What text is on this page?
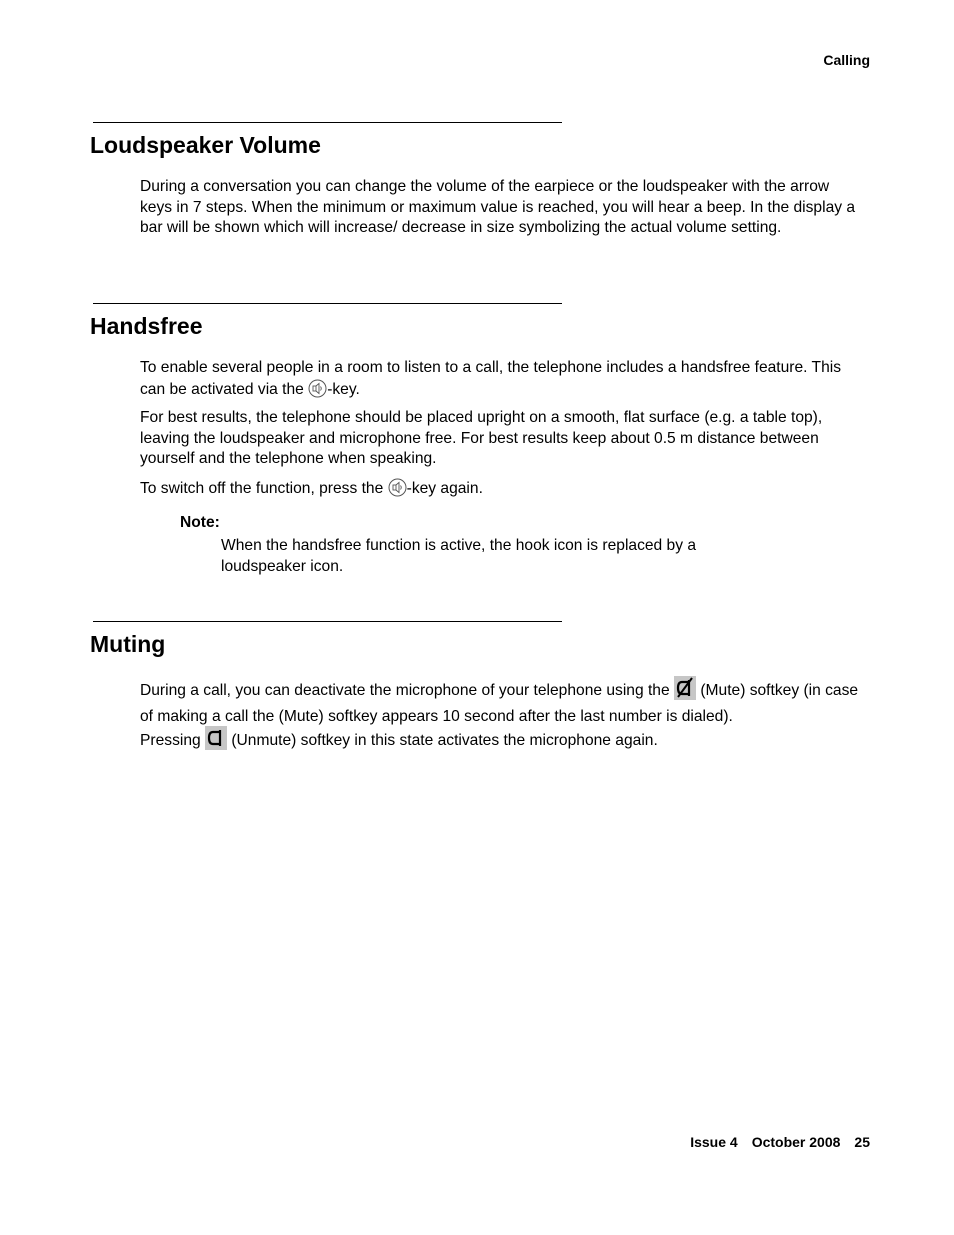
Calling
Loudspeaker Volume

During a conversation you can change the volume of the earpiece or the loudspeaker with the arrow keys in 7 steps. When the minimum or maximum value is reached, you will hear a beep. In the display a bar will be shown which will increase/ decrease in size symbolizing the actual volume setting.

Handsfree

To enable several people in a room to listen to a call, the telephone includes a handsfree feature. This can be activated via the -key.

For best results, the telephone should be placed upright on a smooth, flat surface (e.g. a table top), leaving the loudspeaker and microphone free. For best results keep about 0.5 m distance between yourself and the telephone when speaking.

To switch off the function, press the -key again.

Note:

When the handsfree function is active, the hook icon is replaced by a loudspeaker icon.

Muting

During a call, you can deactivate the microphone of your telephone using the  (Mute) softkey (in case of making a call the (Mute) softkey appears 10 second after the last number is dialed).

Pressing  (Unmute) softkey in this state activates the microphone again.

Issue 4 October 2008 25
